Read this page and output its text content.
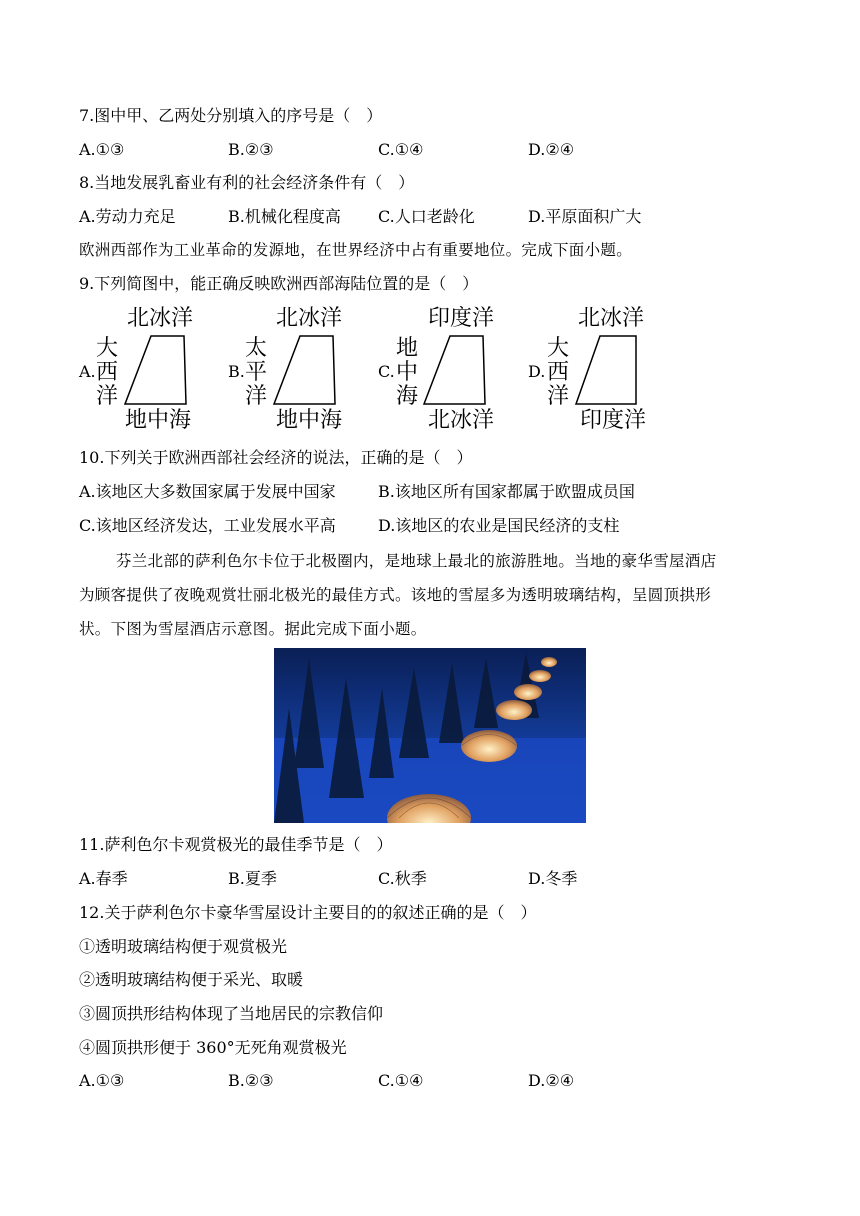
7.图中甲、乙两处分别填入的序号是（　）
A.①③	B.②③	C.①④	D.②④
8.当地发展乳畜业有利的社会经济条件有（　）
A.劳动力充足	B.机械化程度高 C.人口老龄化	D.平原面积广大
欧洲西部作为工业革命的发源地，在世界经济中占有重要地位。完成下面小题。
9.下列简图中，能正确反映欧洲西部海陆位置的是（　）
北冰洋
大
西
洋
A.
地中海
北冰洋
太
平
洋
B.
地中海
印度洋
地
中
海
C.
北冰洋
北冰洋
大
西
洋
D.
印度洋
10.下列关于欧洲西部社会经济的说法，正确的是（　）
A.该地区大多数国家属于发展中国家	B.该地区所有国家都属于欧盟成员国
C.该地区经济发达，工业发展水平高	D.该地区的农业是国民经济的支柱
芬兰北部的萨利色尔卡位于北极圈内，是地球上最北的旅游胜地。当地的豪华雪屋酒店
为顾客提供了夜晚观赏壮丽北极光的最佳方式。该地的雪屋多为透明玻璃结构，呈圆顶拱形
状。下图为雪屋酒店示意图。据此完成下面小题。
11.萨利色尔卡观赏极光的最佳季节是（　）
A.春季	B.夏季	C.秋季	D.冬季
12.关于萨利色尔卡豪华雪屋设计主要目的的叙述正确的是（　）
①透明玻璃结构便于观赏极光
②透明玻璃结构便于采光、取暖
③圆顶拱形结构体现了当地居民的宗教信仰
④圆顶拱形便于 360°无死角观赏极光
A.①③	B.②③	C.①④	D.②④
